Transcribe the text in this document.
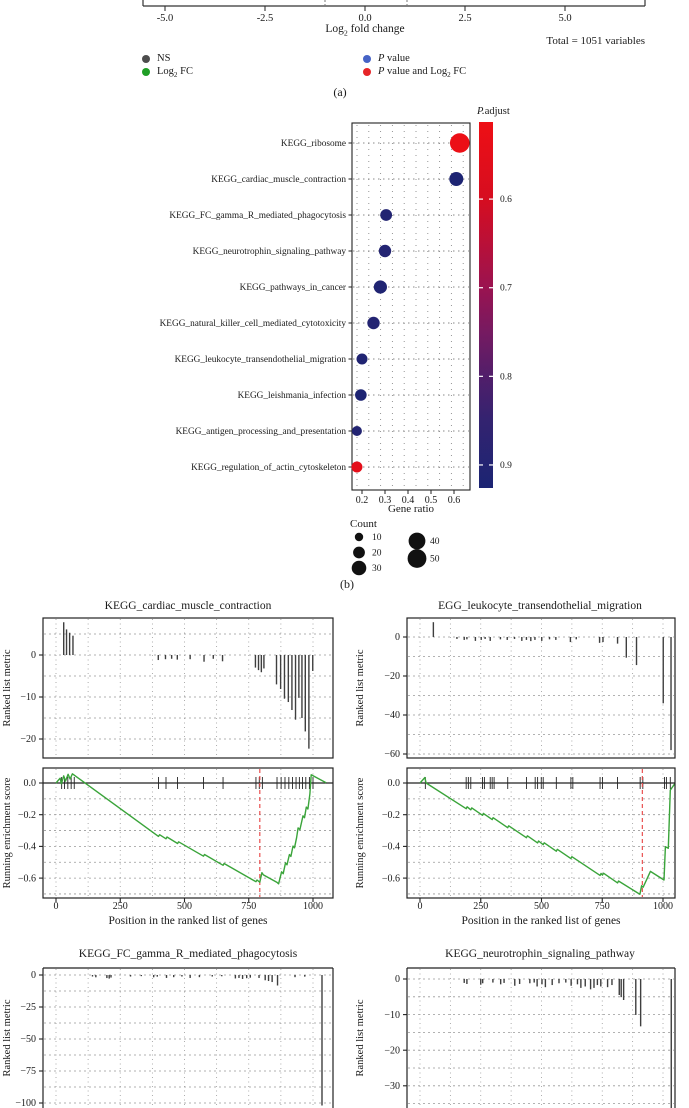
-5.0	-2.5	0.0	2.5	5.0
Log$_2$ fold change
Total = 1051 variables
NS
Log$_2$ FC
P value
P value and Log$_2$ FC
(a)
KEGG_ribosome
KEGG_cardiac_muscle_contraction
KEGG_FC_gamma_R_mediated_phagocytosis
KEGG_neurotrophin_signaling_pathway
KEGG_pathways_in_cancer
KEGG_natural_killer_cell_mediated_cytotoxicity
KEGG_leukocyte_transendothelial_migration
KEGG_leishmania_infection
KEGG_antigen_processing_and_presentation
KEGG_regulation_of_actin_cytoskeleton
0.2 0.3 0.4 0.5 0.6
0.6
0.7
0.8
0.9
10
20
30
40
50
P.adjust
Gene ratio
Count
(b)
0
−10
−20
Ranked list metric
0.0
−0.2
−0.4
−0.6
0	250	500	750	1000
Running enrichment score
0
−20
−40
−60
Ranked list metric
0.0
−0.2
−0.4
−0.6
0	250	500	750	1000
Running enrichment score
0
−25
−50
−75
−100
Ranked list metric
0
−10
−20
−30
Ranked list metric
KEGG_cardiac_muscle_contraction	EGG_leukocyte_transendothelial_migration
Position in the ranked list of genes	Position in the ranked list of genes
KEGG_FC_gamma_R_mediated_phagocytosis	KEGG_neurotrophin_signaling_pathway
